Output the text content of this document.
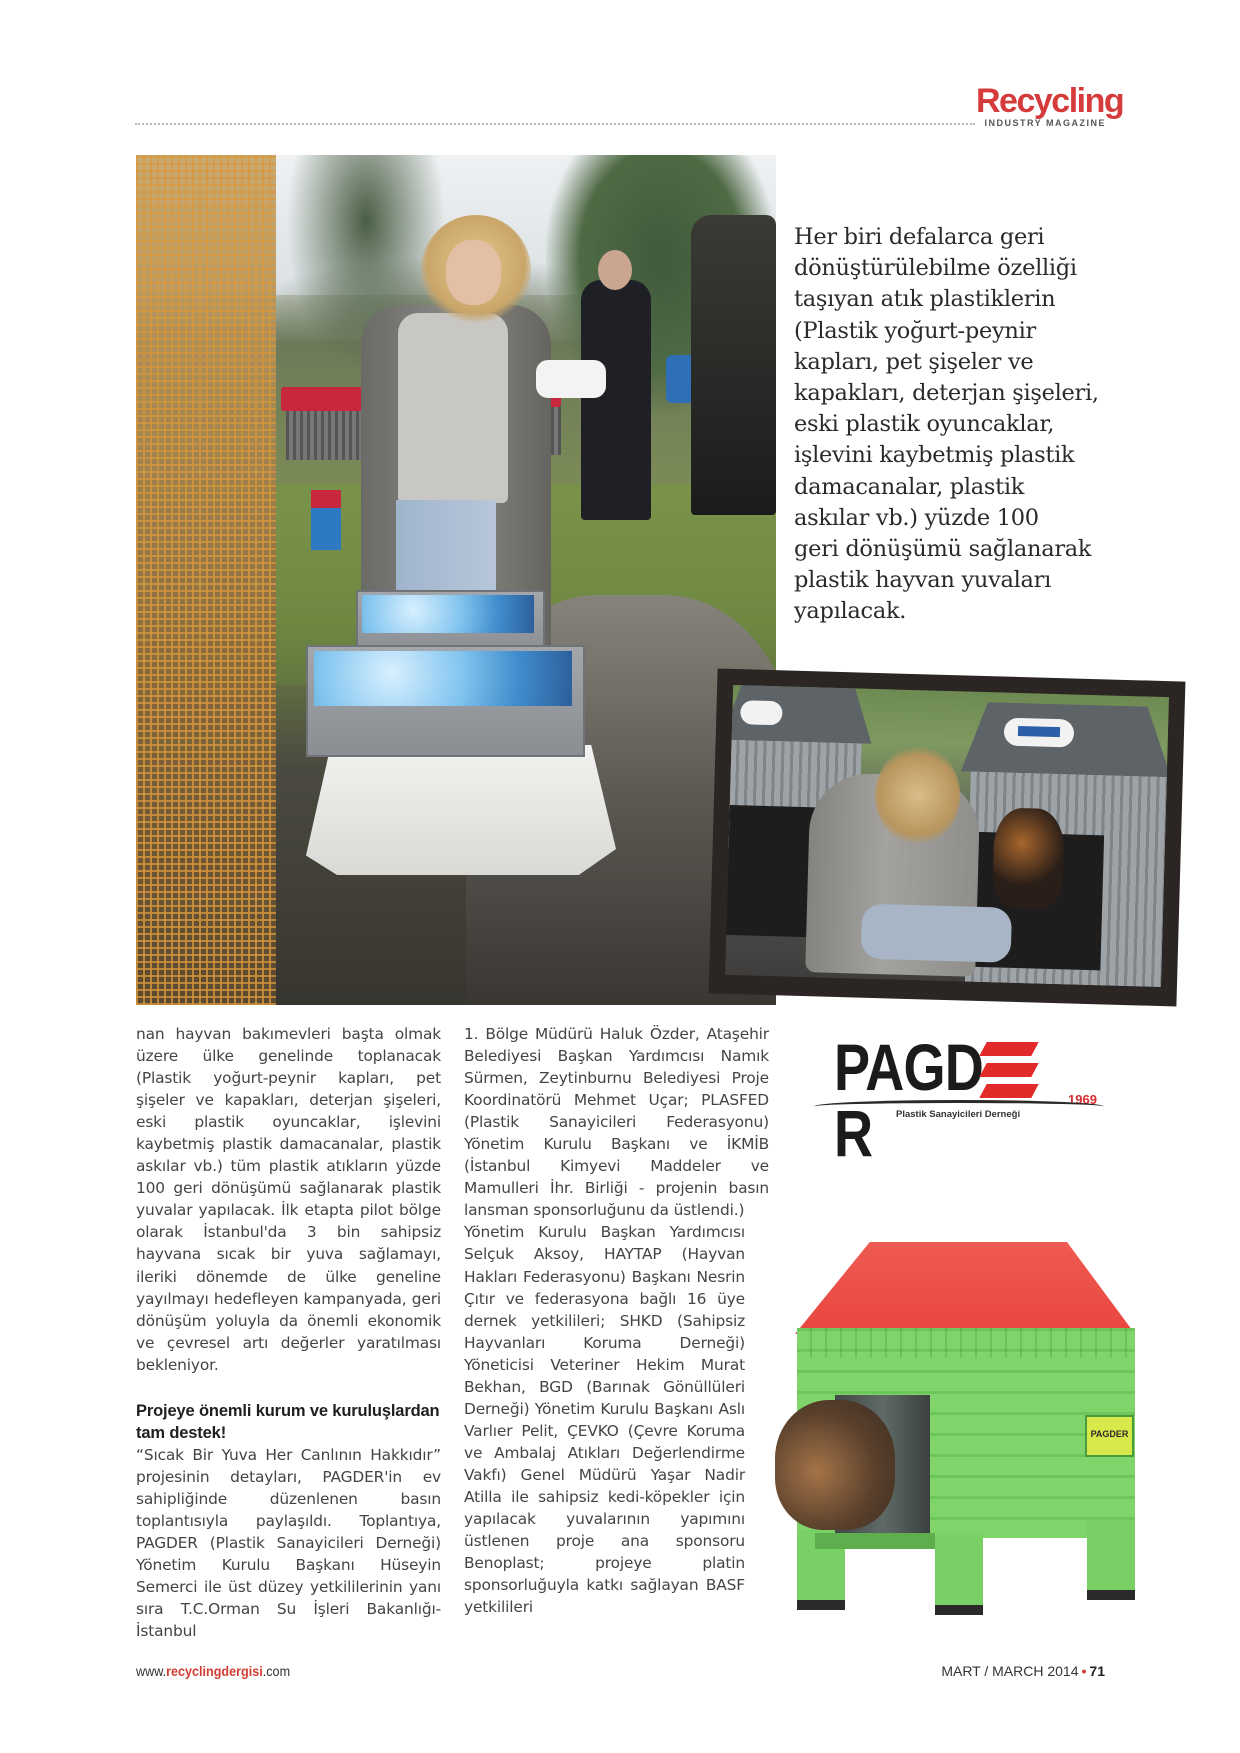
Recycling
INDUSTRY MAGAZINE
Her biri defalarca geri
dönüştürülebilme özelliği
taşıyan atık plastiklerin
(Plastik yoğurt-peynir
kapları, pet şişeler ve
kapakları, deterjan şişeleri,
eski plastik oyuncaklar,
işlevini kaybetmiş plastik
damacanalar, plastik
askılar vb.) yüzde 100
geri dönüşümü sağlanarak
plastik hayvan yuvaları
yapılacak.

nan hayvan bakımevleri başta olmak üzere ülke genelinde toplanacak (Plastik yoğurt-peynir kapları, pet şişeler ve kapakları, deterjan şişeleri, eski plastik oyuncaklar, işlevini kaybetmiş plastik damacanalar, plastik askılar vb.) tüm plastik atıkların yüzde 100 geri dönüşümü sağlanarak plastik yuvalar yapılacak. İlk etapta pilot bölge olarak İstanbul'da 3 bin sahipsiz hayvana sıcak bir yuva sağlamayı, ileriki dönemde de ülke geneline yayılmayı hedefleyen kampanyada, geri dönüşüm yoluyla da önemli ekonomik ve çevresel artı değerler yaratılması bekleniyor.

Projeye önemli kurum ve kuruluşlardan tam destek!

“Sıcak Bir Yuva Her Canlının Hakkıdır” projesinin detayları, PAGDER'in ev sahipliğinde düzenlenen basın toplantısıyla paylaşıldı. Toplantıya, PAGDER (Plastik Sanayicileri Derneği) Yönetim Kurulu Başkanı Hüseyin Semerci ile üst düzey yetkililerinin yanı sıra T.C.Orman Su İşleri Bakanlığı-İstanbul

1. Bölge Müdürü Haluk Özder, Ataşehir Belediyesi Başkan Yardımcısı Namık Sürmen, Zeytinburnu Belediyesi Proje Koordinatörü Mehmet Uçar; PLASFED (Plastik Sanayicileri Federasyonu) Yönetim Kurulu Başkanı ve İKMİB (İstanbul Kimyevi Maddeler ve Mamulleri İhr. Birliği - projenin basın lansman sponsorluğunu da üstlendi.)

Yönetim Kurulu Başkan Yardımcısı Selçuk Aksoy, HAYTAP (Hayvan Hakları Federasyonu) Başkanı Nesrin Çıtır ve federasyona bağlı 16 üye dernek yetkilileri; SHKD (Sahipsiz Hayvanları Koruma Derneği) Yöneticisi Veteriner Hekim Murat Bekhan, BGD (Barınak Gönüllüleri Derneği) Yönetim Kurulu Başkanı Aslı Varlıer Pelit, ÇEVKO (Çevre Koruma ve Ambalaj Atıkları Değerlendirme Vakfı) Genel Müdürü Yaşar Nadir Atilla ile sahipsiz kedi-köpekler için yapılacak yuvalarının yapımını üstlenen proje ana sponsoru Benoplast; projeye platin sponsorluğuyla katkı sağlayan BASF yetkilileri

PAGDR	1969
Plastik Sanayicileri Derneği
PAGDER
www.recyclingdergisi.com	MART / MARCH 2014 • 71
